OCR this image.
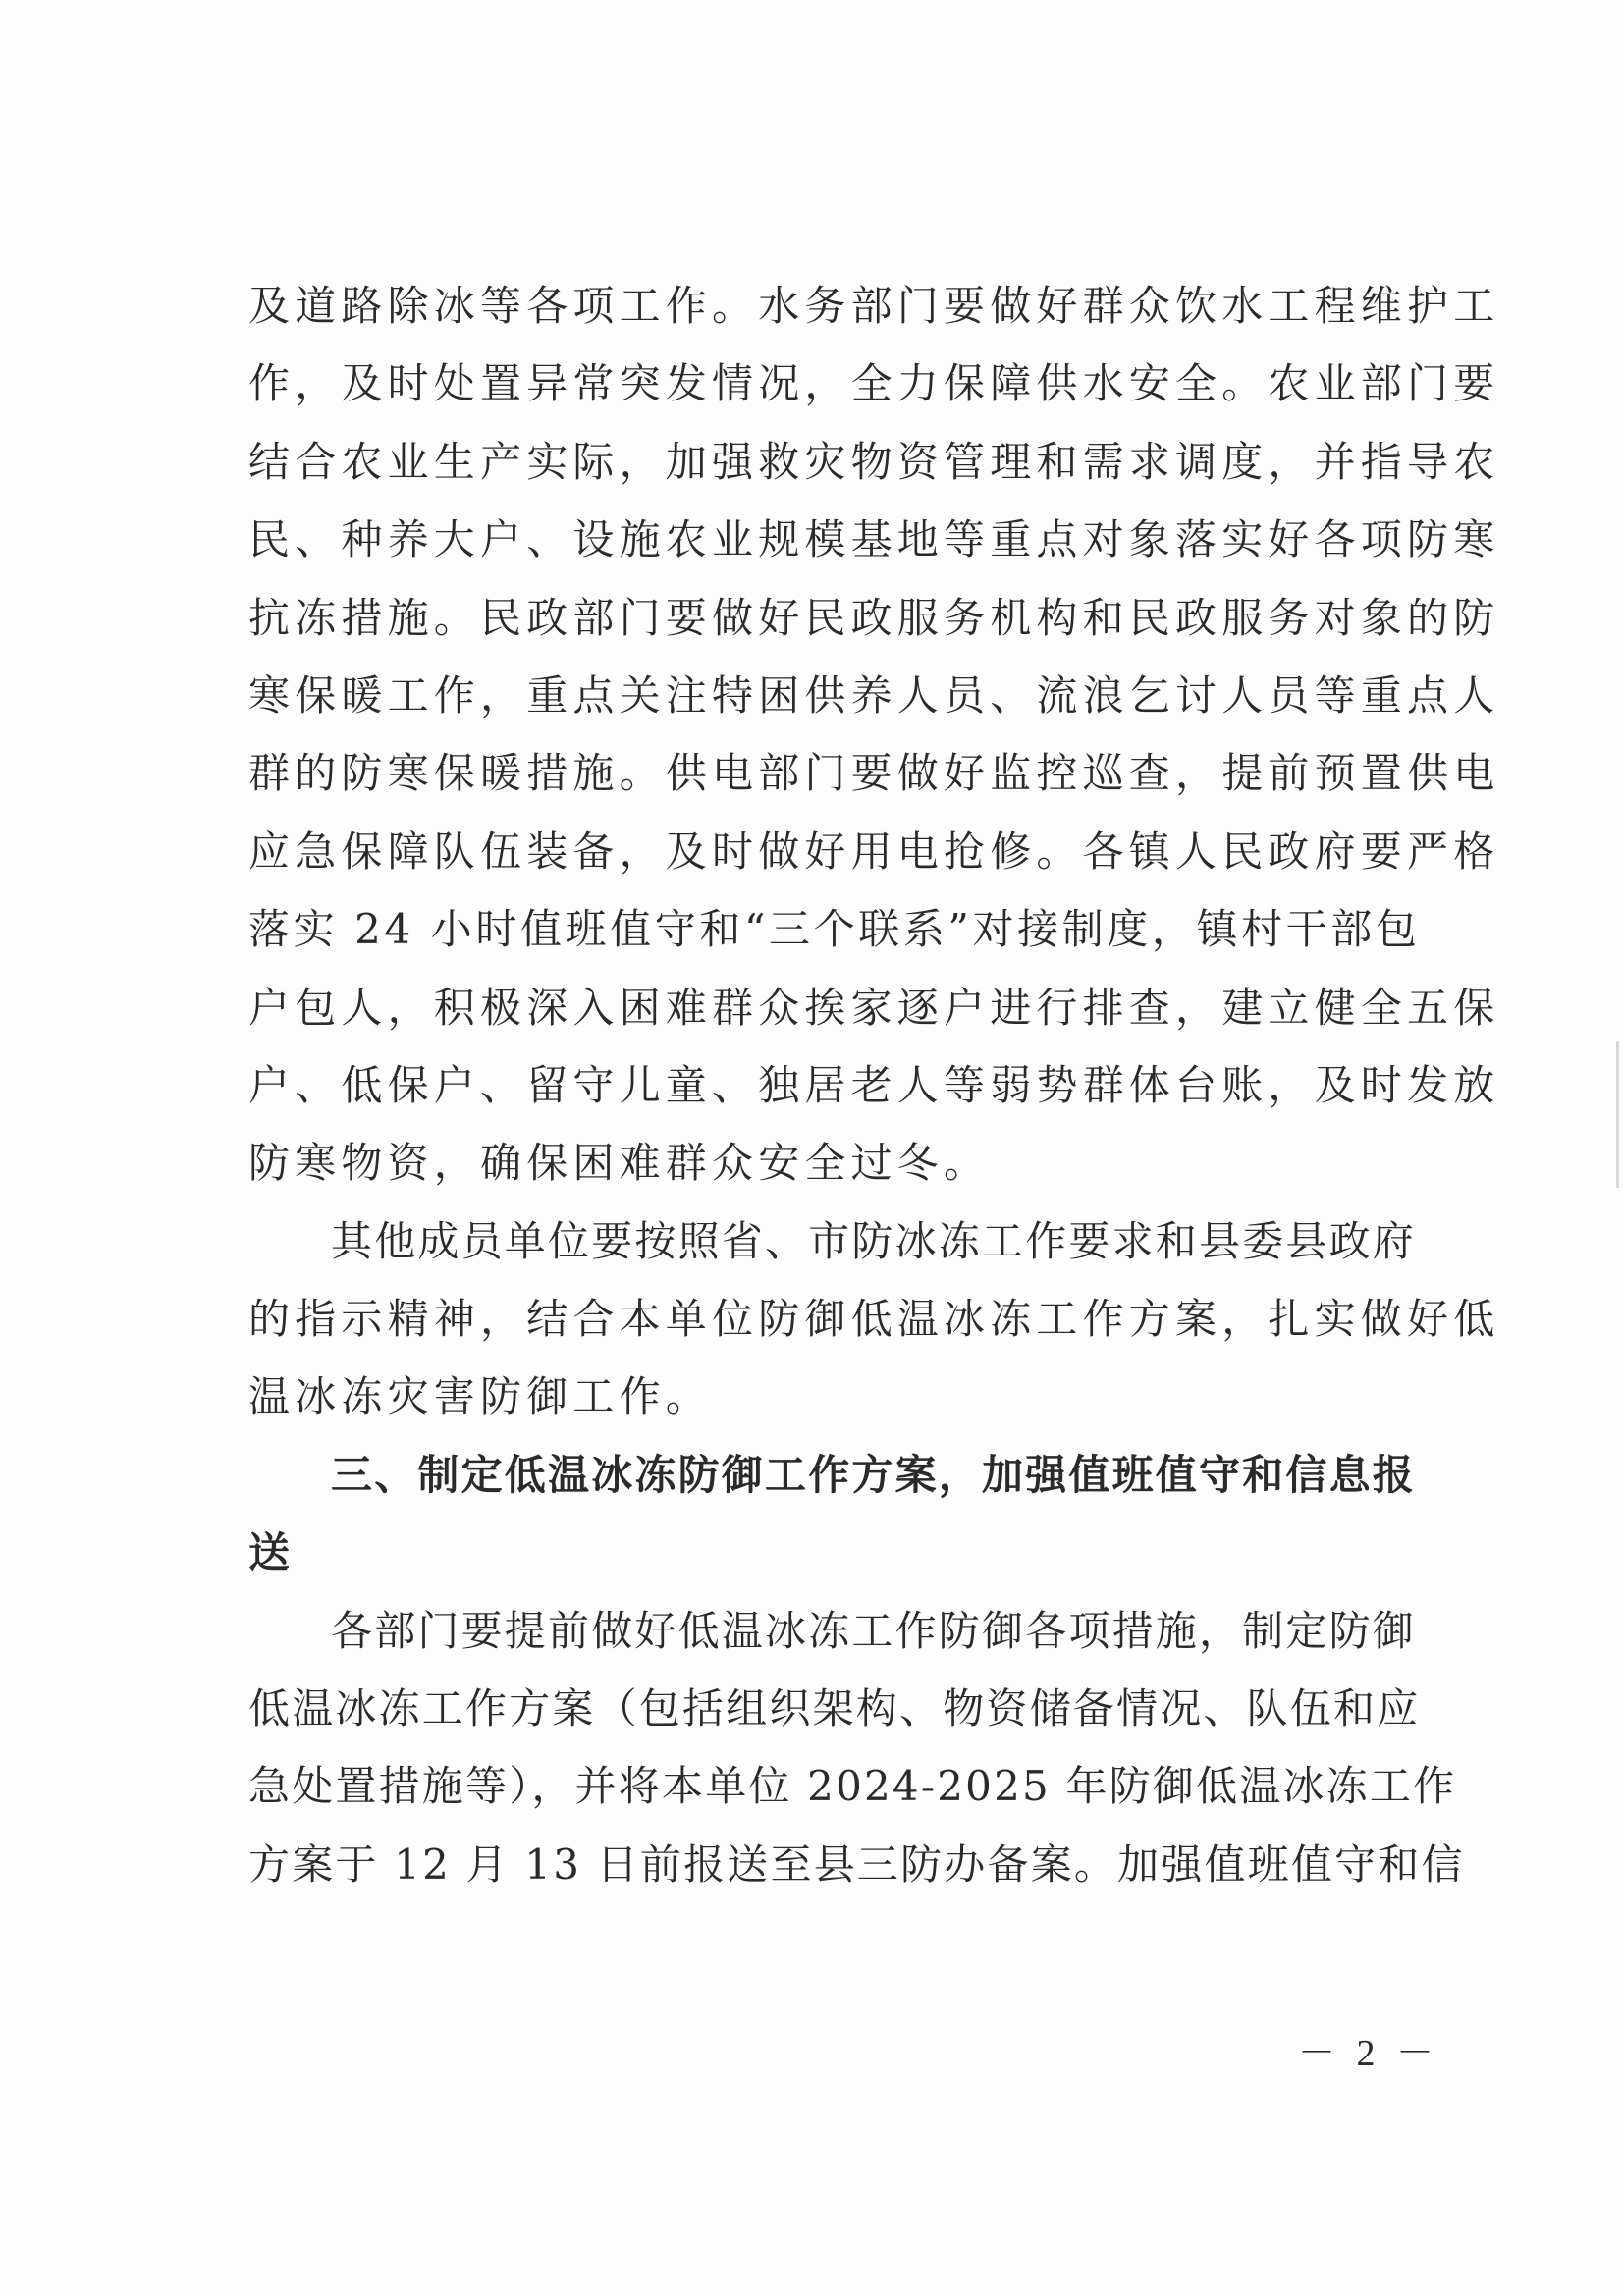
及道路除冰等各项工作。水务部门要做好群众饮水工程维护工
作，及时处置异常突发情况，全力保障供水安全。农业部门要
结合农业生产实际，加强救灾物资管理和需求调度，并指导农
民、种养大户、设施农业规模基地等重点对象落实好各项防寒
抗冻措施。民政部门要做好民政服务机构和民政服务对象的防
寒保暖工作，重点关注特困供养人员、流浪乞讨人员等重点人
群的防寒保暖措施。供电部门要做好监控巡查，提前预置供电
应急保障队伍装备，及时做好用电抢修。各镇人民政府要严格
落实 24 小时值班值守和“三个联系”对接制度，镇村干部包
户包人，积极深入困难群众挨家逐户进行排查，建立健全五保
户、低保户、留守儿童、独居老人等弱势群体台账，及时发放
防寒物资，确保困难群众安全过冬。
其他成员单位要按照省、市防冰冻工作要求和县委县政府
的指示精神，结合本单位防御低温冰冻工作方案，扎实做好低
温冰冻灾害防御工作。
三、制定低温冰冻防御工作方案，加强值班值守和信息报
送
各部门要提前做好低温冰冻工作防御各项措施，制定防御
低温冰冻工作方案（包括组织架构、物资储备情况、队伍和应
急处置措施等），并将本单位 2024-2025 年防御低温冰冻工作
方案于 12 月 13 日前报送至县三防办备案。加强值班值守和信
－ 2 －
